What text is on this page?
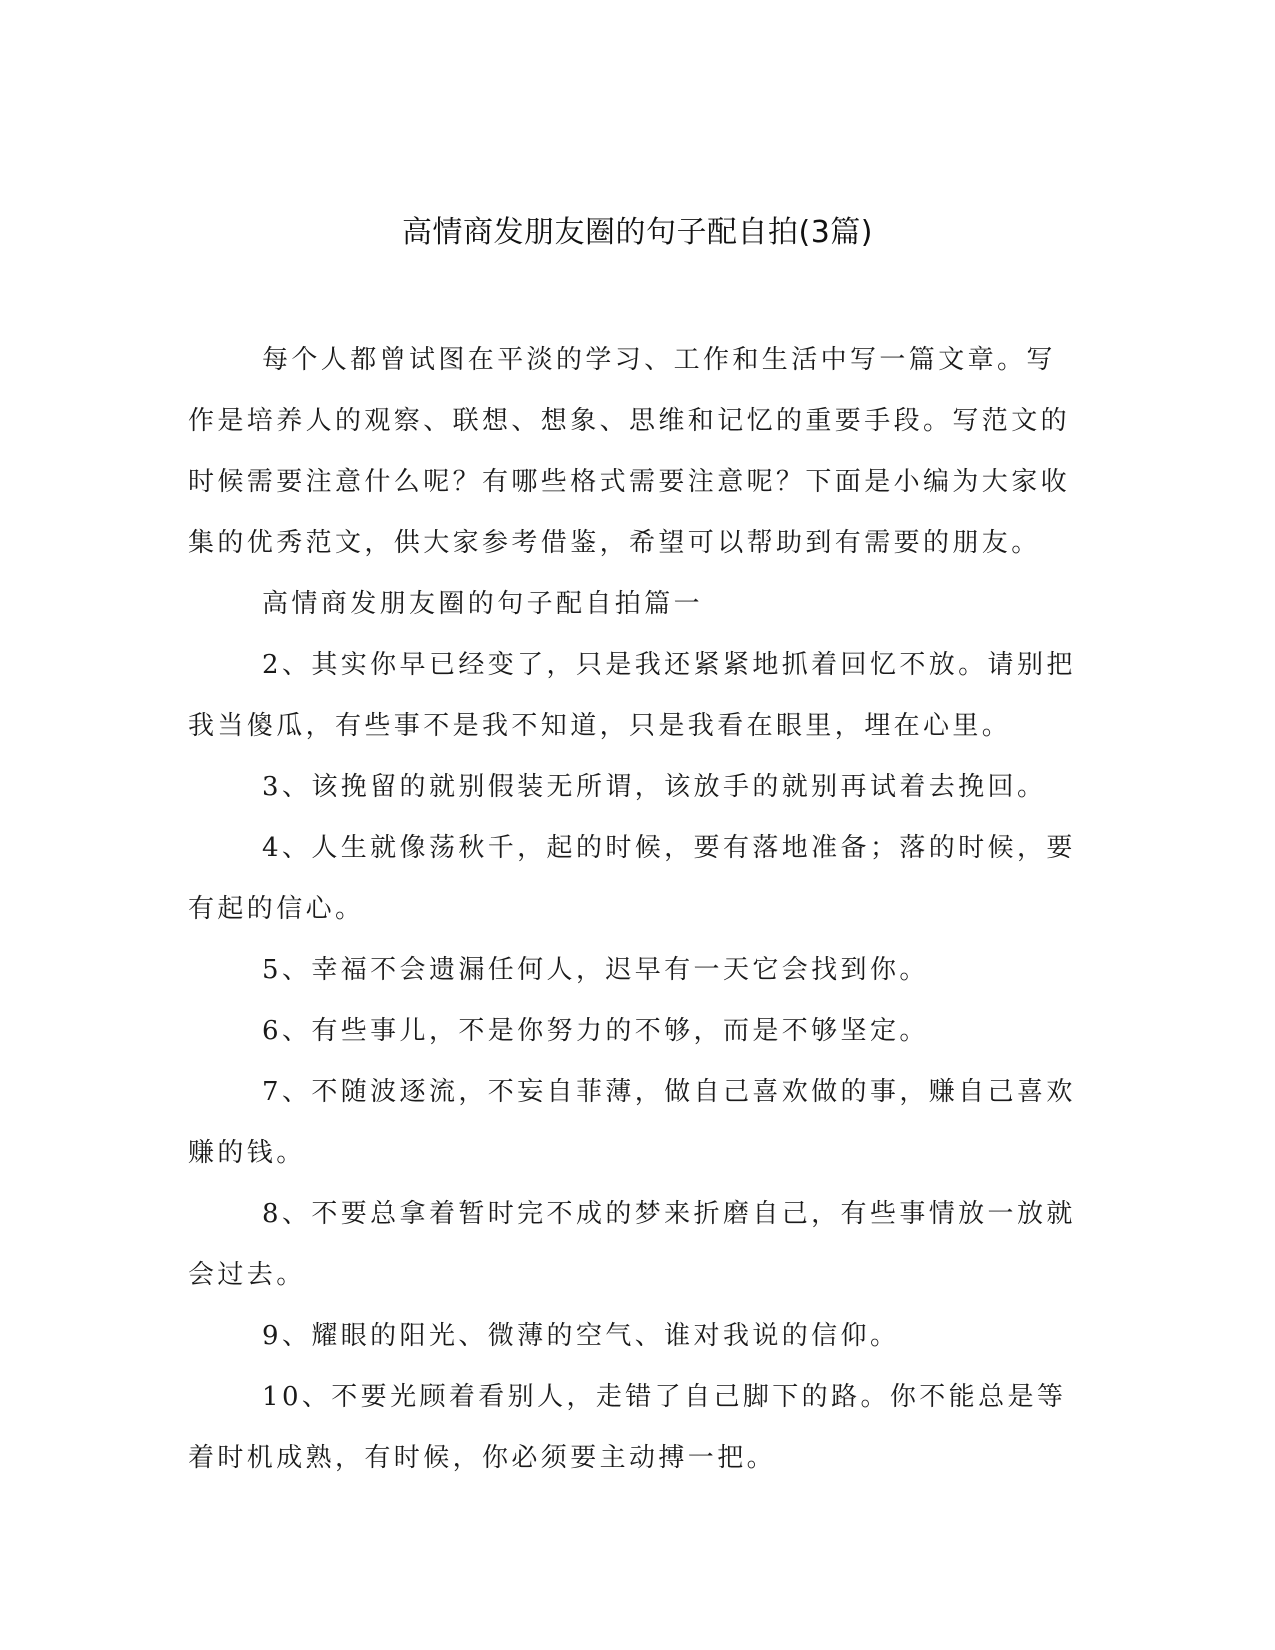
高情商发朋友圈的句子配自拍(3篇)

每个人都曾试图在平淡的学习、工作和生活中写一篇文章。写作是培养人的观察、联想、想象、思维和记忆的重要手段。写范文的时候需要注意什么呢？有哪些格式需要注意呢？下面是小编为大家收集的优秀范文，供大家参考借鉴，希望可以帮助到有需要的朋友。

高情商发朋友圈的句子配自拍篇一

2、其实你早已经变了，只是我还紧紧地抓着回忆不放。请别把我当傻瓜，有些事不是我不知道，只是我看在眼里，埋在心里。

3、该挽留的就别假装无所谓，该放手的就别再试着去挽回。

4、人生就像荡秋千，起的时候，要有落地准备；落的时候，要有起的信心。

5、幸福不会遗漏任何人，迟早有一天它会找到你。

6、有些事儿，不是你努力的不够，而是不够坚定。

7、不随波逐流，不妄自菲薄，做自己喜欢做的事，赚自己喜欢赚的钱。

8、不要总拿着暂时完不成的梦来折磨自己，有些事情放一放就会过去。

9、耀眼的阳光、微薄的空气、谁对我说的信仰。

10、不要光顾着看别人，走错了自己脚下的路。你不能总是等着时机成熟，有时候，你必须要主动搏一把。
